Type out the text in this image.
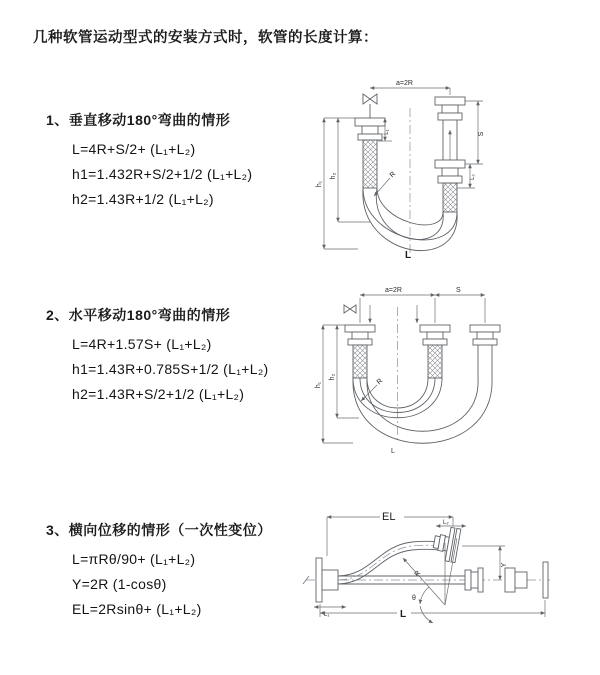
几种软管运动型式的安装方式时，软管的长度计算：
1、垂直移动180°弯曲的情形
L=4R+S/2+ (L₁+L₂)
h1=1.432R+S/2+1/2 (L₁+L₂)
h2=1.43R+1/2 (L₁+L₂)
2、水平移动180°弯曲的情形
L=4R+1.57S+ (L₁+L₂)
h1=1.43R+0.785S+1/2 (L₁+L₂)
h2=1.43R+S/2+1/2 (L₁+L₂)
3、横向位移的情形（一次性变位）
L=πRθ/90+ (L₁+L₂)
Y=2R (1-cosθ)
EL=2Rsinθ+ (L₁+L₂)
a=2R
L₁
h₁
h₂
S
L₂
R
L
a=2R	S
h₁
h₂
R
L
EL	L₂
Y
R
θ
L₁	L
